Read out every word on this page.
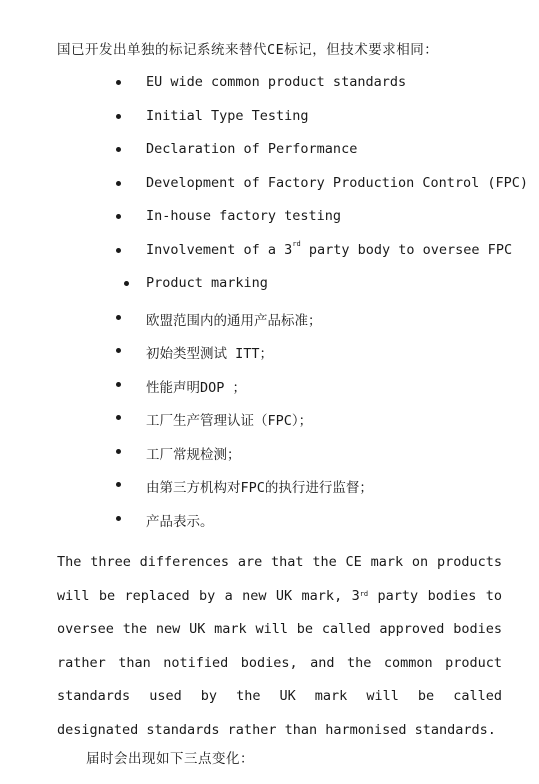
国已开发出单独的标记系统来替代CE标记，但技术要求相同：
EU wide common product standards
Initial Type Testing
Declaration of Performance
Development of Factory Production Control (FPC)
In-house factory testing
Involvement of a 3rd party body to oversee FPC
Product marking
欧盟范围内的通用产品标准；
初始类型测试 ITT；
性能声明DOP ；
工厂生产管理认证（FPC）；
工厂常规检测；
由第三方机构对FPC的执行进行监督；
产品表示。
The three differences are that the CE mark on products will be replaced by a new UK mark, 3rd party bodies to oversee the new UK mark will be called approved bodies rather than notified bodies, and the common product standards used by the UK mark will be called designated standards rather than harmonised standards.
届时会出现如下三点变化：
